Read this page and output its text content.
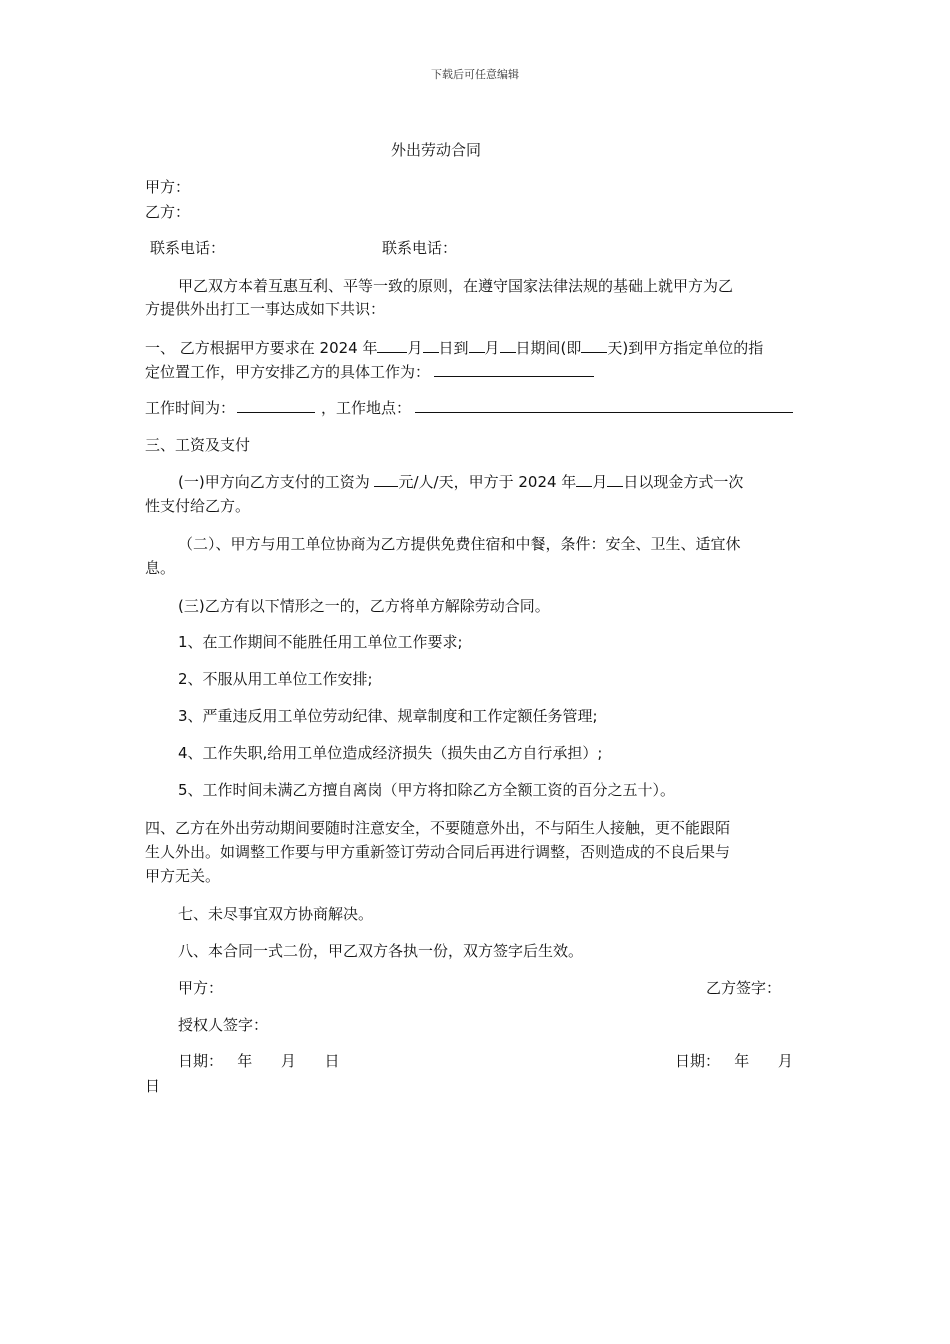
下载后可任意编辑
外出劳动合同
甲方：
乙方：
联系电话：	联系电话：
甲乙双方本着互惠互利、平等一致的原则，在遵守国家法律法规的基础上就甲方为乙
方提供外出打工一事达成如下共识：
一、 乙方根据甲方要求在 2024 年 月 日到 月 日期间(即 天)到甲方指定单位的指
定位置工作，甲方安排乙方的具体工作为：
工作时间为：	，工作地点：
三、工资及支付
(一)甲方向乙方支付的工资为 元/人/天，甲方于 2024 年 月 日以现金方式一次
性支付给乙方。
（二）、甲方与用工单位协商为乙方提供免费住宿和中餐，条件：安全、卫生、适宜休
息。
(三)乙方有以下情形之一的，乙方将单方解除劳动合同。
1、在工作期间不能胜任用工单位工作要求;
2、不服从用工单位工作安排;
3、严重违反用工单位劳动纪律、规章制度和工作定额任务管理;
4、工作失职,给用工单位造成经济损失（损失由乙方自行承担）;
5、工作时间未满乙方擅自离岗（甲方将扣除乙方全额工资的百分之五十）。
四、乙方在外出劳动期间要随时注意安全，不要随意外出，不与陌生人接触，更不能跟陌
生人外出。如调整工作要与甲方重新签订劳动合同后再进行调整，否则造成的不良后果与
甲方无关。
七、未尽事宜双方协商解决。
八、本合同一式二份，甲乙双方各执一份，双方签字后生效。
甲方：	乙方签字：
授权人签字：
日期：   年      月      日	日期：   年      月
日
